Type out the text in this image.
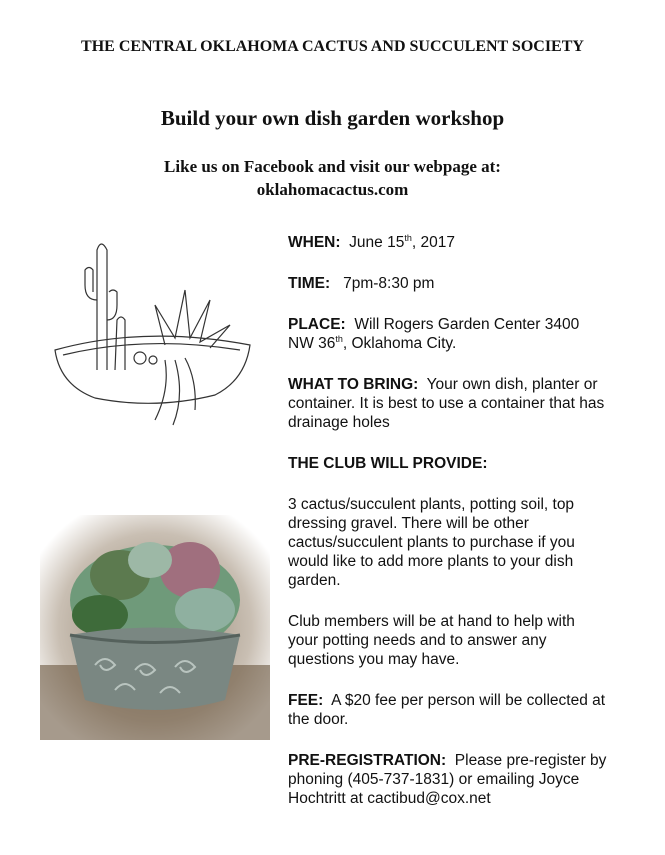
THE CENTRAL OKLAHOMA CACTUS AND SUCCULENT SOCIETY
Build your own dish garden workshop
Like us on Facebook and visit our webpage at:
oklahomacactus.com

WHEN: June 15th, 2017

TIME: 7pm-8:30 pm

PLACE: Will Rogers Garden Center 3400 NW 36th, Oklahoma City.

WHAT TO BRING: Your own dish, planter or container. It is best to use a container that has drainage holes

THE CLUB WILL PROVIDE:

3 cactus/succulent plants, potting soil, top dressing gravel. There will be other cactus/succulent plants to purchase if you would like to add more plants to your dish garden.

Club members will be at hand to help with your potting needs and to answer any questions you may have.

FEE: A $20 fee per person will be collected at the door.

PRE-REGISTRATION: Please pre-register by phoning (405-737-1831) or emailing Joyce Hochtritt at cactibud@cox.net
